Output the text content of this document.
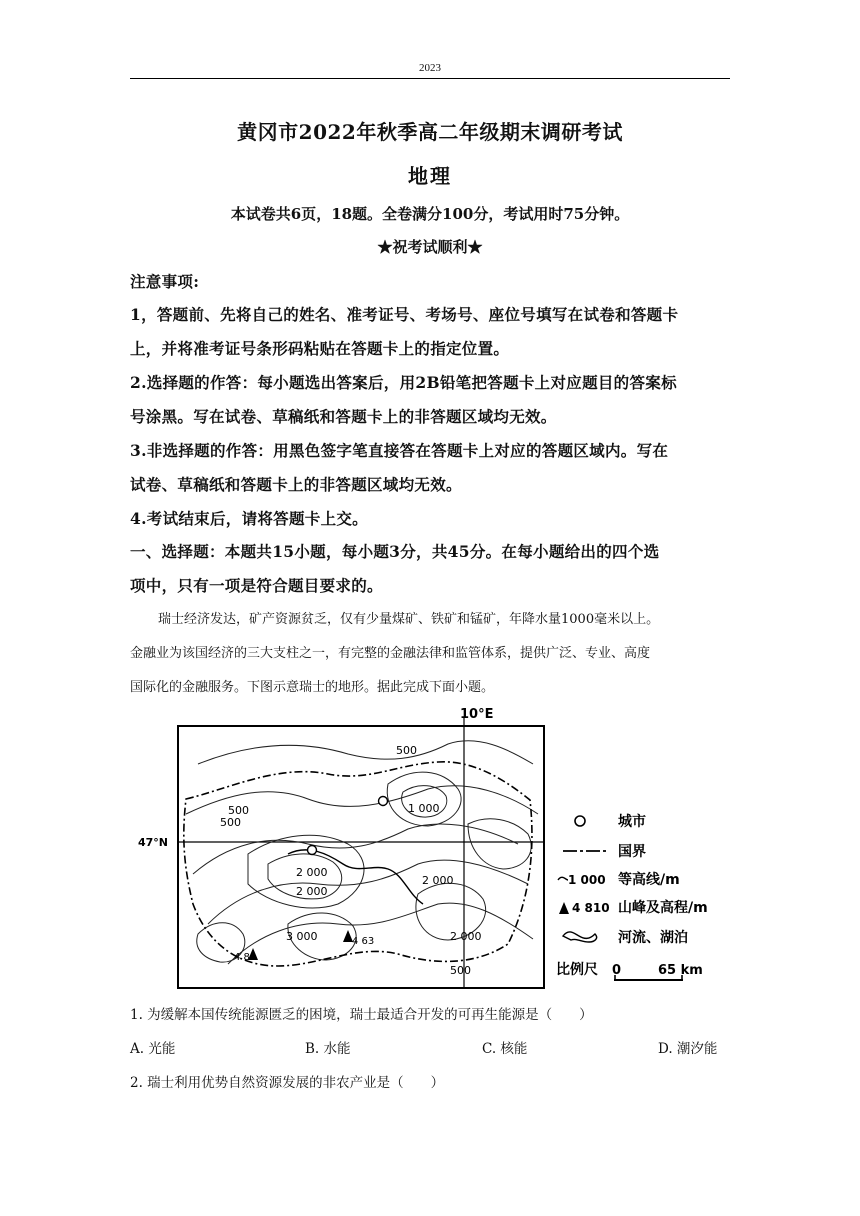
2023
黄冈市2022年秋季高二年级期末调研考试
地理
本试卷共6页，18题。全卷满分100分，考试用时75分钟。
★祝考试顺利★
注意事项:
1，答题前、先将自己的姓名、准考证号、考场号、座位号填写在试卷和答题卡
上，并将准考证号条形码粘贴在答题卡上的指定位置。
2.选择题的作答：每小题选出答案后，用2B铅笔把答题卡上对应题目的答案标
号涂黑。写在试卷、草稿纸和答题卡上的非答题区域均无效。
3.非选择题的作答：用黑色签字笔直接答在答题卡上对应的答题区域内。写在
试卷、草稿纸和答题卡上的非答题区域均无效。
4.考试结束后，请将答题卡上交。
一、选择题：本题共15小题，每小题3分，共45分。在每小题给出的四个选
项中，只有一项是符合题目要求的。
瑞士经济发达，矿产资源贫乏，仅有少量煤矿、铁矿和锰矿，年降水量1000毫米以上。
金融业为该国经济的三大支柱之一，有完整的金融法律和监管体系，提供广泛、专业、高度
国际化的金融服务。下图示意瑞士的地形。据此完成下面小题。
10°E
47°N
500
1 000
500
2 000
2 000
2 000
3 000	2 000
500
500
4 81
4 63
城市
国界
1 000 等高线/m
4 810 山峰及高程/m
河流、湖泊
比例尺 0	65 km
1. 为缓解本国传统能源匮乏的困境，瑞士最适合开发的可再生能源是（　　）
A. 光能	B. 水能	C. 核能	D. 潮汐能
2. 瑞士利用优势自然资源发展的非农产业是（　　）
